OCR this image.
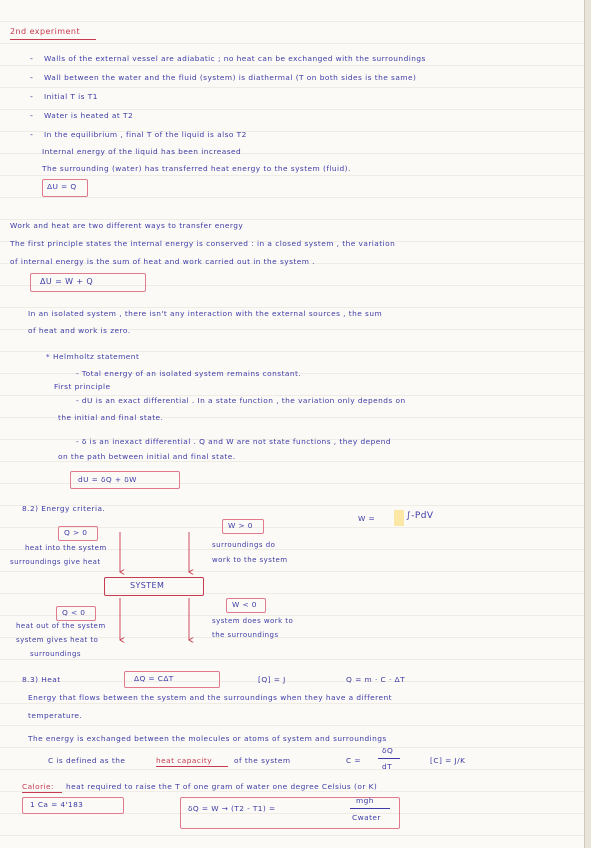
2nd experiment
- Walls of the external vessel are adiabatic ; no heat can be exchanged with the surroundings
- Wall between the water and the fluid (system) is diathermal (T on both sides is the same)
- Initial T is T1
- Water is heated at T2
- In the equilibrium , final T of the liquid is also T2
Internal energy of the liquid has been increased
The surrounding (water) has transferred heat energy to the system (fluid).
ΔU = Q
Work and heat are two different ways to transfer energy
The first principle states the internal energy is conserved : in a closed system , the variation
of internal energy is the sum of heat and work carried out in the system .
ΔU = W + Q
In an isolated system , there isn't any interaction with the external sources , the sum
of heat and work is zero.
* Helmholtz statement
- Total energy of an isolated system remains constant.
First principle
- dU is an exact differential . In a state function , the variation only depends on
the initial and final state.
- δ is an inexact differential . Q and W are not state functions , they depend
on the path between initial and final state.
dU = δQ + δW
8.2) Energy criteria.
W =	∫-PdV
Q > 0
heat into the system
surroundings give heat
W > 0
surroundings do
work to the system
SYSTEM
W < 0
system does work to
the surroundings
Q < 0
heat out of the system
system gives heat to
surroundings
8.3) Heat	ΔQ = CΔT	[Q] = J	Q = m · C · ΔT
Energy that flows between the system and the surroundings when they have a different
temperature.
The energy is exchanged between the molecules or atoms of system and surroundings
C is defined as the	heat capacity	of the system	C =
δQ
dT
[C] = J/K
Calorie: heat required to raise the T of one gram of water one degree Celsius (or K)
1 Ca = 4'183	δQ = W → (T2 - T1) =
mgh
Cwater
